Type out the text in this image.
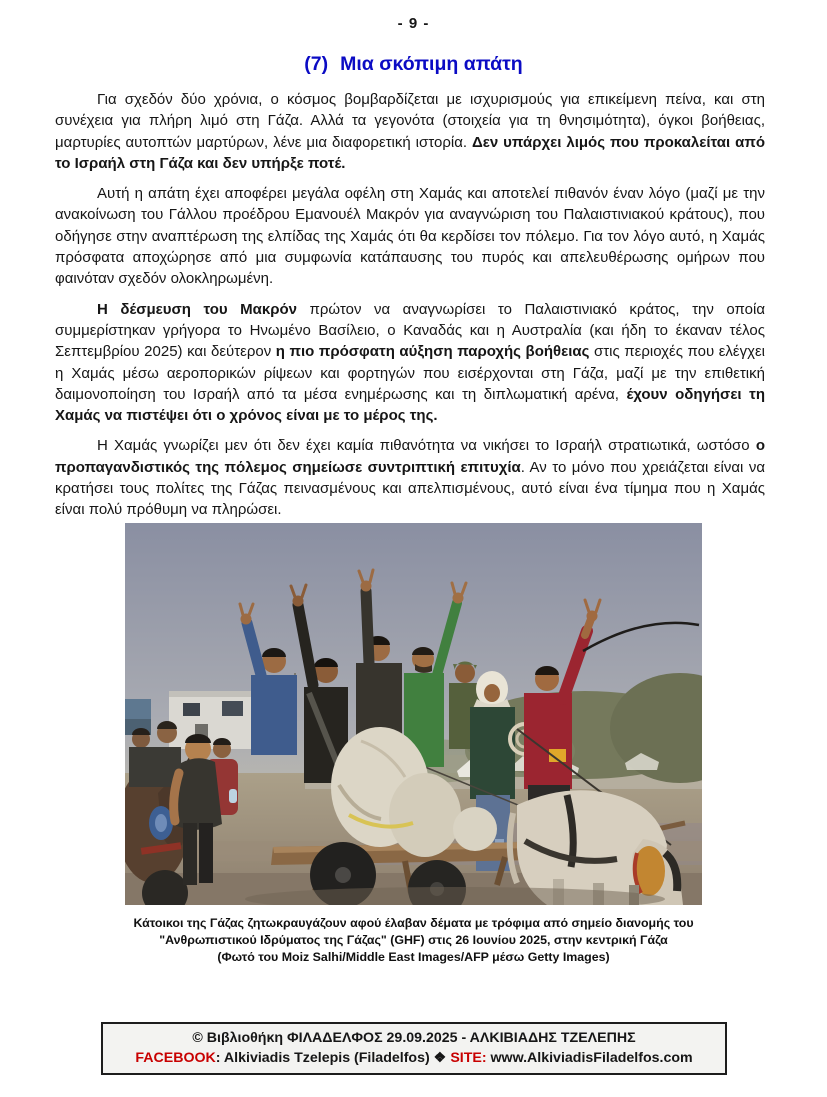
- 9 -
(7) Μια σκόπιμη απάτη

Για σχεδόν δύο χρόνια, ο κόσμος βομβαρδίζεται με ισχυρισμούς για επικείμενη πείνα, και στη συνέχεια για πλήρη λιμό στη Γάζα. Αλλά τα γεγονότα (στοιχεία για τη θνησιμότητα), όγκοι βοήθειας, μαρτυρίες αυτοπτών μαρτύρων, λένε μια διαφορετική ιστορία. Δεν υπάρχει λιμός που προκαλείται από το Ισραήλ στη Γάζα και δεν υπήρξε ποτέ.

Αυτή η απάτη έχει αποφέρει μεγάλα οφέλη στη Χαμάς και αποτελεί πιθανόν έναν λόγο (μαζί με την ανακοίνωση του Γάλλου προέδρου Εμανουέλ Μακρόν για αναγνώριση του Παλαιστινιακού κράτους), που οδήγησε στην αναπτέρωση της ελπίδας της Χαμάς ότι θα κερδίσει τον πόλεμο. Για τον λόγο αυτό, η Χαμάς πρόσφατα αποχώρησε από μια συμφωνία κατάπαυσης του πυρός και απελευθέρωσης ομήρων που φαινόταν σχεδόν ολοκληρωμένη.

Η δέσμευση του Μακρόν πρώτον να αναγνωρίσει το Παλαιστινιακό κράτος, την οποία συμμερίστηκαν γρήγορα το Ηνωμένο Βασίλειο, ο Καναδάς και η Αυστραλία (και ήδη το έκαναν τέλος Σεπτεμβρίου 2025) και δεύτερον η πιο πρόσφατη αύξηση παροχής βοήθειας στις περιοχές που ελέγχει η Χαμάς μέσω αεροπορικών ρίψεων και φορτηγών που εισέρχονται στη Γάζα, μαζί με την επιθετική δαιμονοποίηση του Ισραήλ από τα μέσα ενημέρωσης και τη διπλωματική αρένα, έχουν οδηγήσει τη Χαμάς να πιστέψει ότι ο χρόνος είναι με το μέρος της.

Η Χαμάς γνωρίζει μεν ότι δεν έχει καμία πιθανότητα να νικήσει το Ισραήλ στρατιωτικά, ωστόσο ο προπαγανδιστικός της πόλεμος σημείωσε συντριπτική επιτυχία. Αν το μόνο που χρειάζεται είναι να κρατήσει τους πολίτες της Γάζας πεινασμένους και απελπισμένους, αυτό είναι ένα τίμημα που η Χαμάς είναι πολύ πρόθυμη να πληρώσει.

Κάτοικοι της Γάζας ζητωκραυγάζουν αφού έλαβαν δέματα με τρόφιμα από σημείο διανομής του
"Ανθρωπιστικού Ιδρύματος της Γάζας" (GHF) στις 26 Ιουνίου 2025, στην κεντρική Γάζα
(Φωτό του Moiz Salhi/Middle East Images/AFP μέσω Getty Images)
© Βιβλιοθήκη ΦΙΛΑΔΕΛΦΟΣ 29.09.2025 - ΑΛΚΙΒΙΑΔΗΣ ΤΖΕΛΕΠΗΣ
FACEBOOK: Alkiviadis Tzelepis (Filadelfos) ❖ SITE: www.AlkiviadisFiladelfos.com
